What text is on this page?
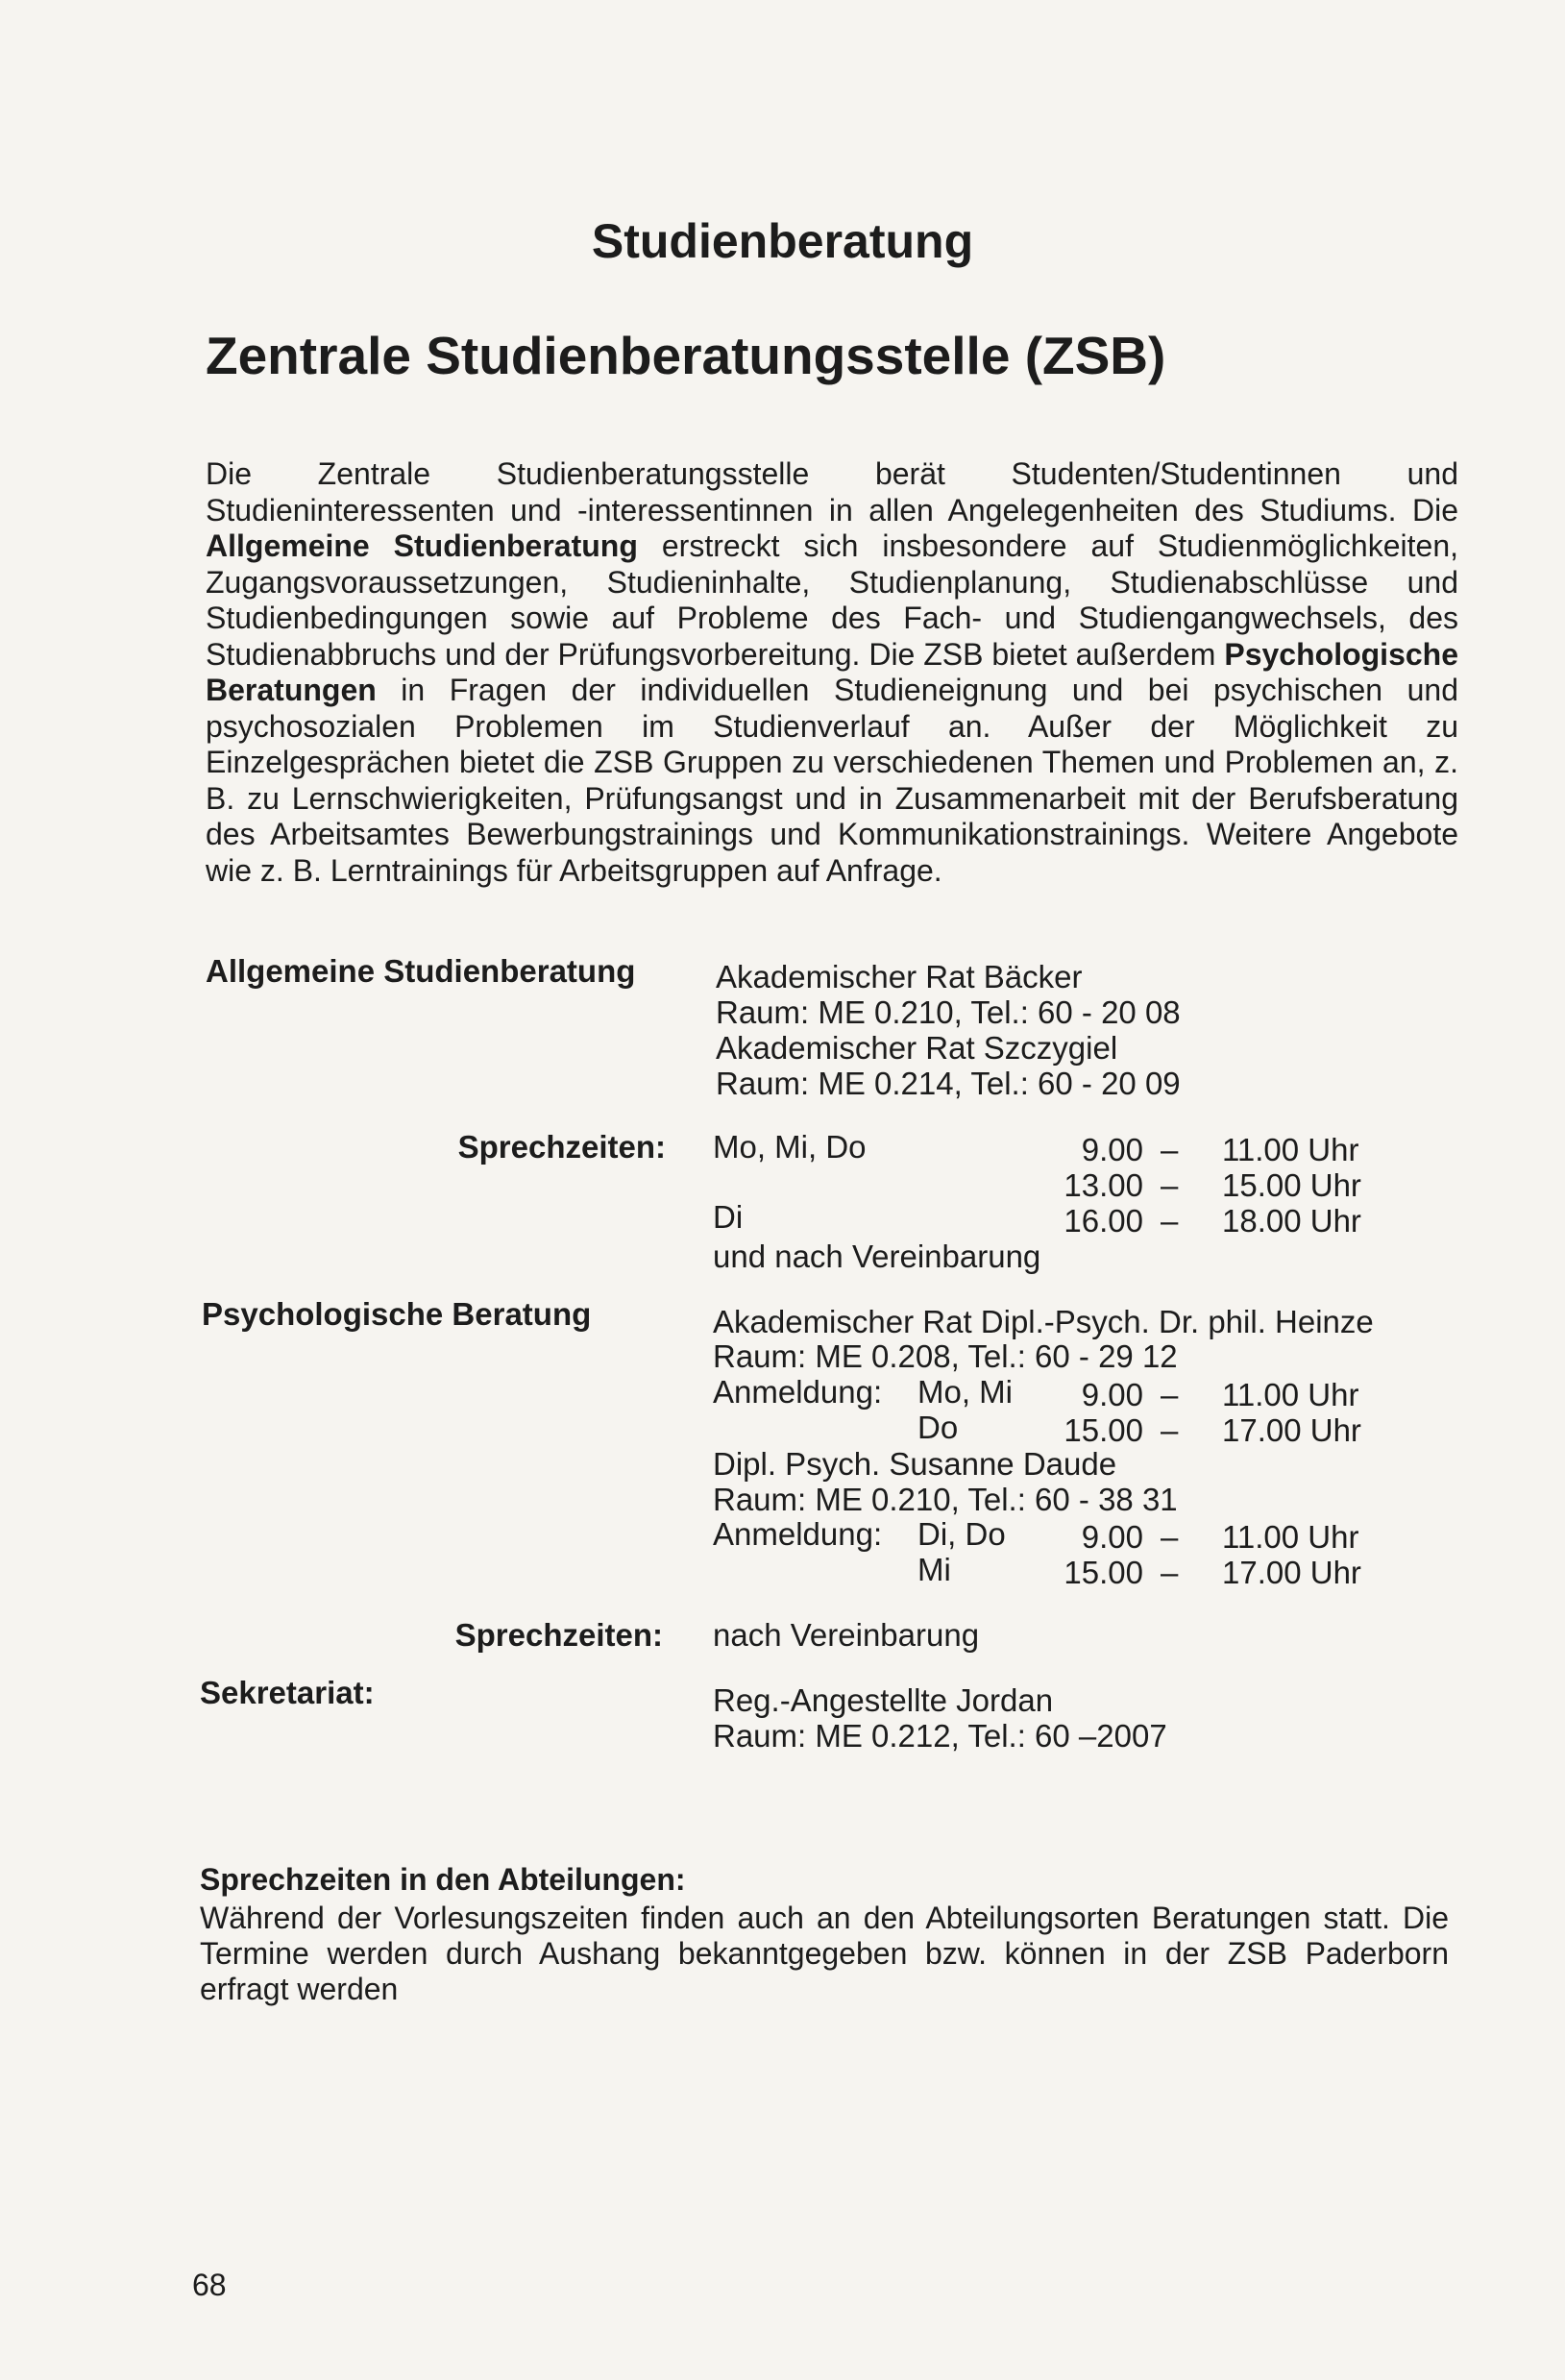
Studienberatung
Zentrale Studienberatungsstelle (ZSB)

Die Zentrale Studienberatungsstelle berät Studenten/Studentinnen und Studieninteressenten und -interessentinnen in allen Angelegenheiten des Studiums. Die Allgemeine Studienberatung erstreckt sich insbesondere auf Studienmöglichkeiten, Zugangsvoraussetzungen, Studieninhalte, Studienplanung, Studienabschlüsse und Studienbedingungen sowie auf Probleme des Fach- und Studiengangwechsels, des Studienabbruchs und der Prüfungsvorbereitung. Die ZSB bietet außerdem Psychologische Beratungen in Fragen der individuellen Studieneignung und bei psychischen und psychosozialen Problemen im Studienverlauf an. Außer der Möglichkeit zu Einzelgesprächen bietet die ZSB Gruppen zu verschiedenen Themen und Problemen an, z. B. zu Lernschwierigkeiten, Prüfungsangst und in Zusammenarbeit mit der Berufsberatung des Arbeitsamtes Bewerbungstrainings und Kommunikationstrainings. Weitere Angebote wie z. B. Lerntrainings für Arbeitsgruppen auf Anfrage.

Allgemeine Studienberatung	Akademischer Rat Bäcker
Raum: ME 0.210, Tel.: 60 - 20 08
Akademischer Rat Szczygiel
Raum: ME 0.214, Tel.: 60 - 20 09
Sprechzeiten: Mo, Mi, Do	9.00 – 11.00 Uhr
13.00 – 15.00 Uhr
Di	16.00 – 18.00 Uhr
und nach Vereinbarung
Psychologische Beratung	Akademischer Rat Dipl.-Psych. Dr. phil. Heinze
Raum: ME 0.208, Tel.: 60 - 29 12
Anmeldung: Mo, Mi	9.00 – 11.00 Uhr
Do	15.00 – 17.00 Uhr
Dipl. Psych. Susanne Daude
Raum: ME 0.210, Tel.: 60 - 38 31
Anmeldung: Di, Do	9.00 – 11.00 Uhr
Mi	15.00 – 17.00 Uhr
Sprechzeiten: nach Vereinbarung
Sekretariat:	Reg.-Angestellte Jordan
Raum: ME 0.212, Tel.: 60 –2007
Sprechzeiten in den Abteilungen:

Während der Vorlesungszeiten finden auch an den Abteilungsorten Beratungen statt. Die Termine werden durch Aushang bekanntgegeben bzw. können in der ZSB Paderborn erfragt werden

68
